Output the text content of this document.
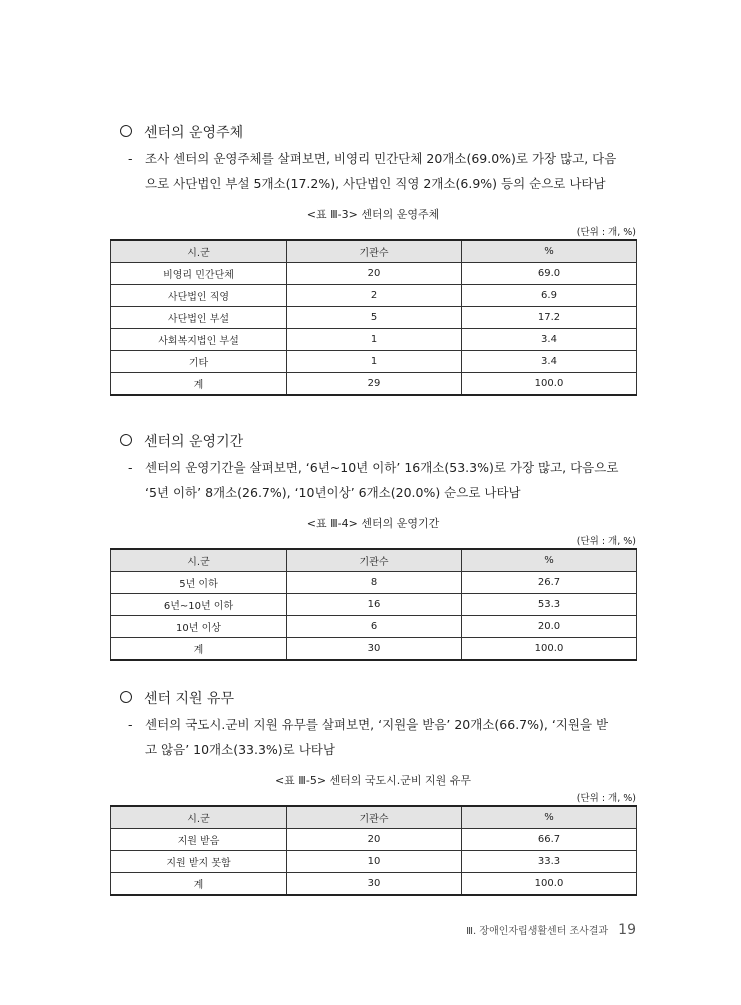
센터의 운영주체
- 조사 센터의 운영주체를 살펴보면, 비영리 민간단체 20개소(69.0%)로 가장 많고, 다음
으로 사단법인 부설 5개소(17.2%), 사단법인 직영 2개소(6.9%) 등의 순으로 나타남
<표 Ⅲ-3> 센터의 운영주체
(단위 : 개, %)
시.군	기관수	%
비영리 민간단체	20	69.0
사단법인 직영	2	6.9
사단법인 부설	5	17.2
사회복지법인 부설	1	3.4
기타	1	3.4
계	29	100.0
센터의 운영기간
- 센터의 운영기간을 살펴보면, ‘6년~10년 이하’ 16개소(53.3%)로 가장 많고, 다음으로
‘5년 이하’ 8개소(26.7%), ‘10년이상’ 6개소(20.0%) 순으로 나타남
<표 Ⅲ-4> 센터의 운영기간
(단위 : 개, %)
시.군	기관수	%
5년 이하	8	26.7
6년~10년 이하	16	53.3
10년 이상	6	20.0
계	30	100.0
센터 지원 유무
- 센터의 국도시.군비 지원 유무를 살펴보면, ‘지원을 받음’ 20개소(66.7%), ‘지원을 받
고 않음’ 10개소(33.3%)로 나타남
<표 Ⅲ-5> 센터의 국도시.군비 지원 유무
(단위 : 개, %)
시.군	기관수	%
지원 받음	20	66.7
지원 받지 못함	10	33.3
계	30	100.0
Ⅲ. 장애인자립생활센터 조사결과 19
